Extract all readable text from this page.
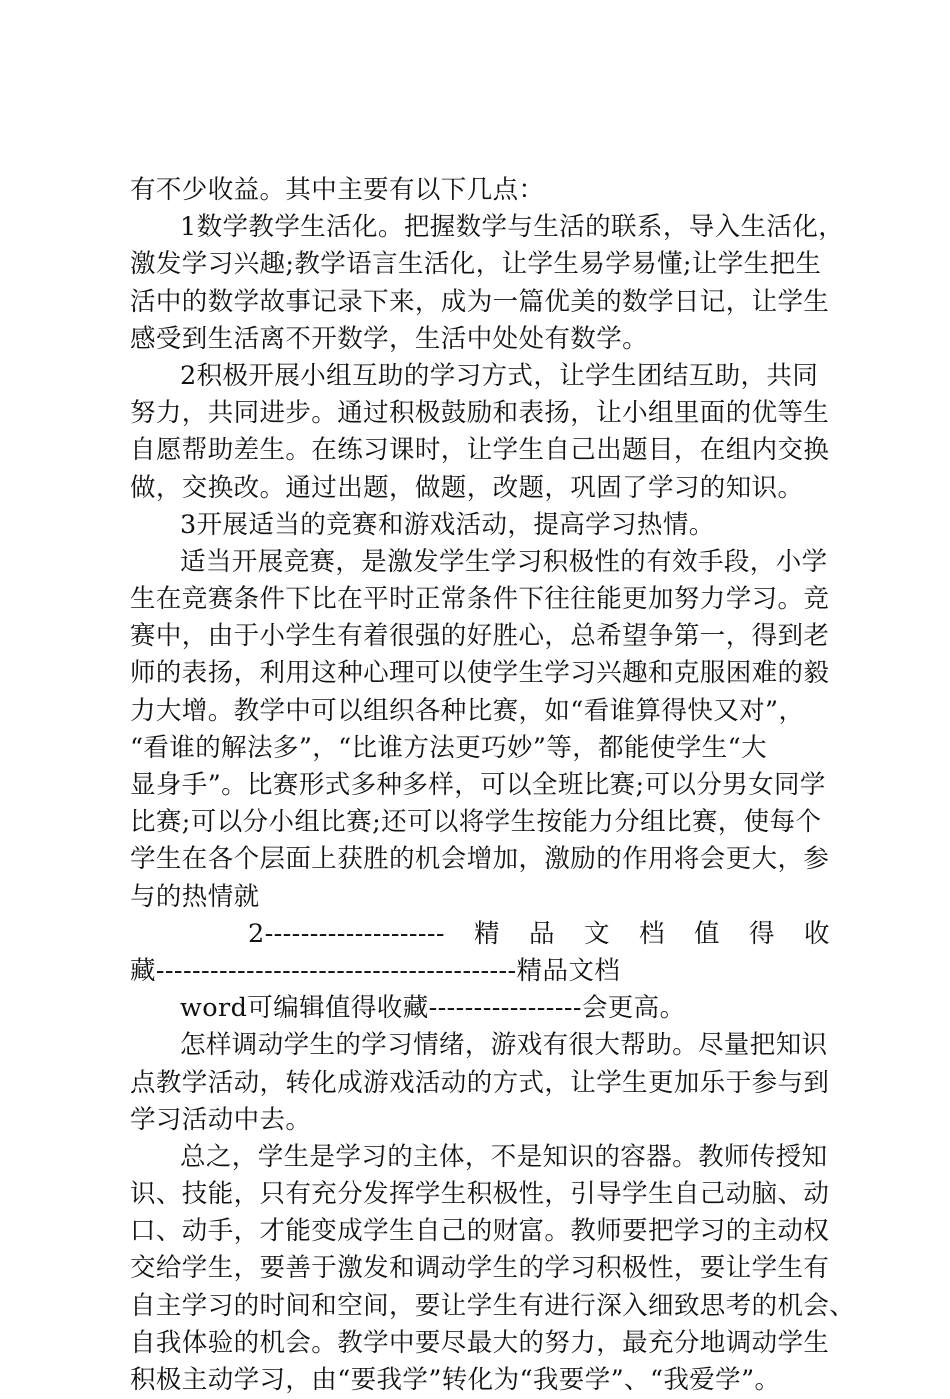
有不少收益。其中主要有以下几点：
1数学教学生活化。把握数学与生活的联系，导入生活化，
激发学习兴趣;教学语言生活化，让学生易学易懂;让学生把生
活中的数学故事记录下来，成为一篇优美的数学日记，让学生
感受到生活离不开数学，生活中处处有数学。
2积极开展小组互助的学习方式，让学生团结互助，共同
努力，共同进步。通过积极鼓励和表扬，让小组里面的优等生
自愿帮助差生。在练习课时，让学生自己出题目，在组内交换
做，交换改。通过出题，做题，改题，巩固了学习的知识。
3开展适当的竞赛和游戏活动，提高学习热情。
适当开展竞赛，是激发学生学习积极性的有效手段，小学
生在竞赛条件下比在平时正常条件下往往能更加努力学习。竞
赛中，由于小学生有着很强的好胜心，总希望争第一，得到老
师的表扬，利用这种心理可以使学生学习兴趣和克服困难的毅
力大增。教学中可以组织各种比赛，如“看谁算得快又对”，
“看谁的解法多”，“比谁方法更巧妙”等，都能使学生“大
显身手”。比赛形式多种多样，可以全班比赛;可以分男女同学
比赛;可以分小组比赛;还可以将学生按能力分组比赛，使每个
学生在各个层面上获胜的机会增加，激励的作用将会更大，参
与的热情就
2-------------------- 精 品 文 档 值 得 收
藏----------------------------------------精品文档
word可编辑值得收藏-----------------会更高。
怎样调动学生的学习情绪，游戏有很大帮助。尽量把知识
点教学活动，转化成游戏活动的方式，让学生更加乐于参与到
学习活动中去。
总之，学生是学习的主体，不是知识的容器。教师传授知
识、技能，只有充分发挥学生积极性，引导学生自己动脑、动
口、动手，才能变成学生自己的财富。教师要把学习的主动权
交给学生，要善于激发和调动学生的学习积极性，要让学生有
自主学习的时间和空间，要让学生有进行深入细致思考的机会、
自我体验的机会。教学中要尽最大的努力，最充分地调动学生
积极主动学习，由“要我学”转化为“我要学”、“我爱学”。
